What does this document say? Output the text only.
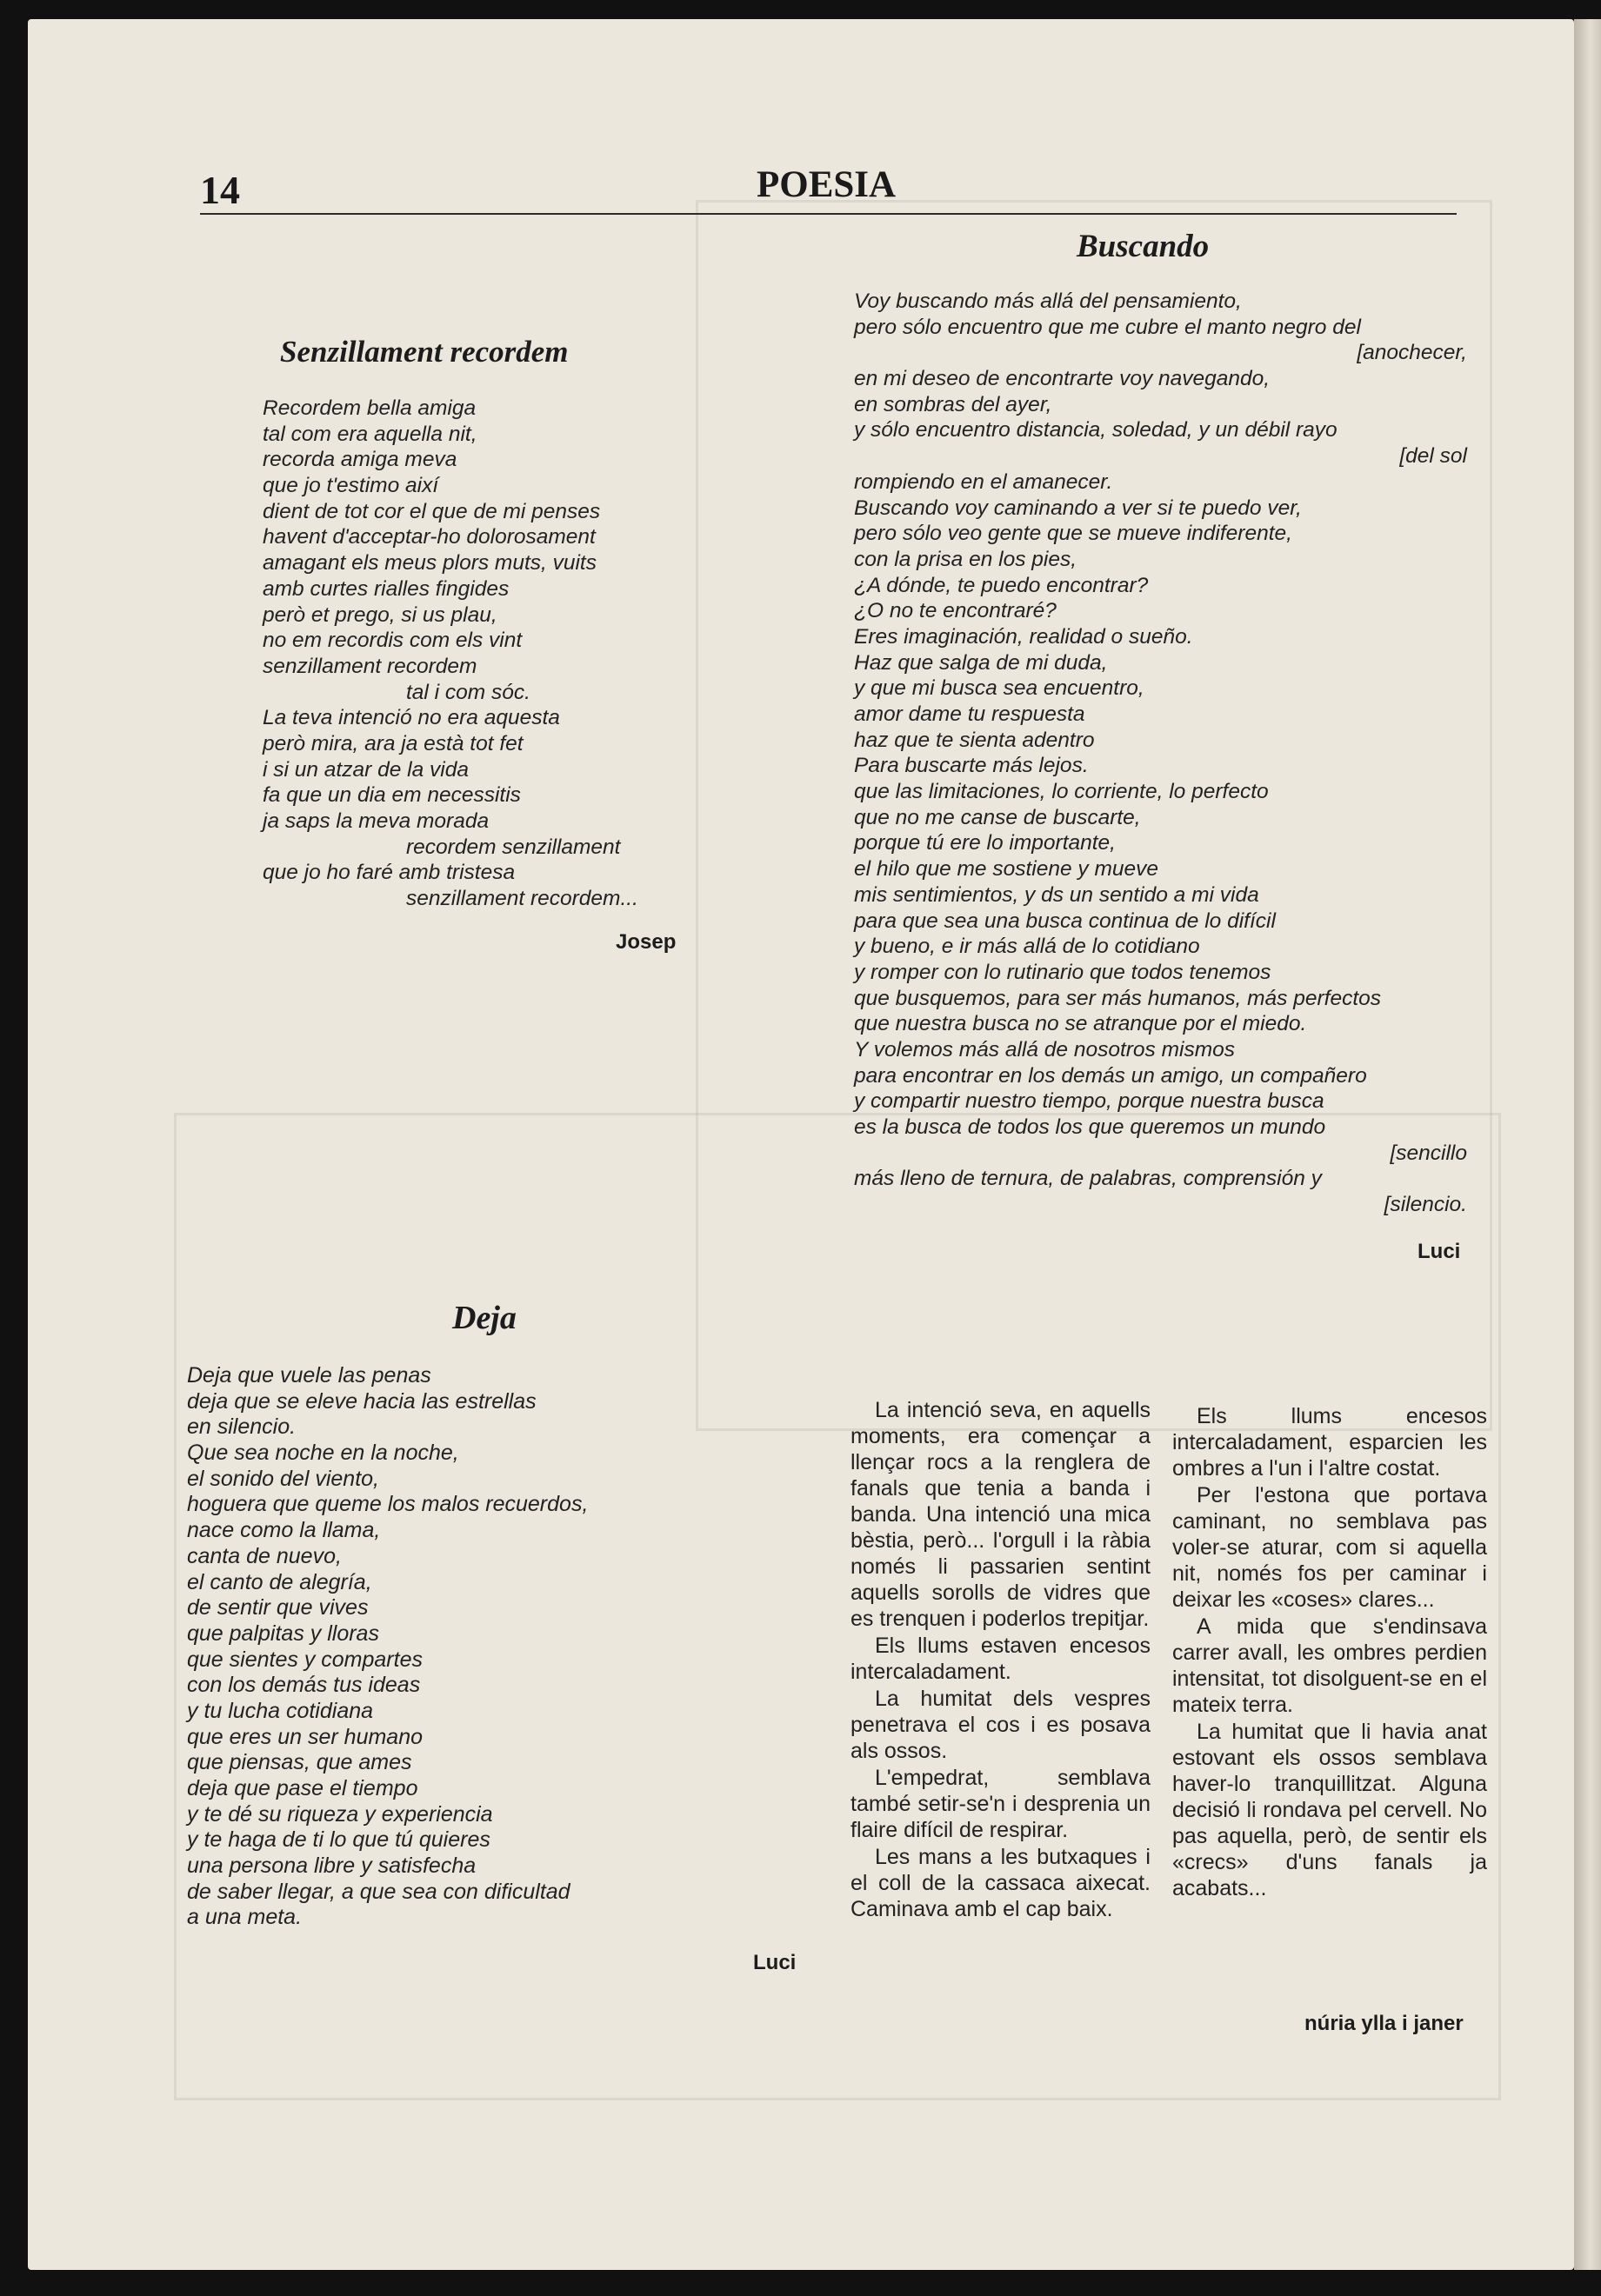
14	POESIA
Senzillament recordem
Recordem bella amiga
tal com era aquella nit,
recorda amiga meva
que jo t'estimo així
dient de tot cor el que de mi penses
havent d'acceptar-ho dolorosament
amagant els meus plors muts, vuits
amb curtes rialles fingides
però et prego, si us plau,
no em recordis com els vint
senzillament recordem
tal i com sóc.
La teva intenció no era aquesta
però mira, ara ja està tot fet
i si un atzar de la vida
fa que un dia em necessitis
ja saps la meva morada
recordem senzillament
que jo ho faré amb tristesa
senzillament recordem...
Josep
Buscando
Voy buscando más allá del pensamiento,
pero sólo encuentro que me cubre el manto negro del
[anochecer,
en mi deseo de encontrarte voy navegando,
en sombras del ayer,
y sólo encuentro distancia, soledad, y un débil rayo
[del sol
rompiendo en el amanecer.
Buscando voy caminando a ver si te puedo ver,
pero sólo veo gente que se mueve indiferente,
con la prisa en los pies,
¿A dónde, te puedo encontrar?
¿O no te encontraré?
Eres imaginación, realidad o sueño.
Haz que salga de mi duda,
y que mi busca sea encuentro,
amor dame tu respuesta
haz que te sienta adentro
Para buscarte más lejos.
que las limitaciones, lo corriente, lo perfecto
que no me canse de buscarte,
porque tú ere lo importante,
el hilo que me sostiene y mueve
mis sentimientos, y ds un sentido a mi vida
para que sea una busca continua de lo difícil
y bueno, e ir más allá de lo cotidiano
y romper con lo rutinario que todos tenemos
que busquemos, para ser más humanos, más perfectos
que nuestra busca no se atranque por el miedo.
Y volemos más allá de nosotros mismos
para encontrar en los demás un amigo, un compañero
y compartir nuestro tiempo, porque nuestra busca
es la busca de todos los que queremos un mundo
[sencillo
más lleno de ternura, de palabras, comprensión y
[silencio.
Luci
Deja
Deja que vuele las penas
deja que se eleve hacia las estrellas
en silencio.
Que sea noche en la noche,
el sonido del viento,
hoguera que queme los malos recuerdos,
nace como la llama,
canta de nuevo,
el canto de alegría,
de sentir que vives
que palpitas y lloras
que sientes y compartes
con los demás tus ideas
y tu lucha cotidiana
que eres un ser humano
que piensas, que ames
deja que pase el tiempo
y te dé su riqueza y experiencia
y te haga de ti lo que tú quieres
una persona libre y satisfecha
de saber llegar, a que sea con dificultad
a una meta.
Luci

La intenció seva, en aquells moments, era començar a llençar rocs a la renglera de fanals que tenia a banda i banda. Una intenció una mica bèstia, però... l'orgull i la ràbia només li passarien sentint aquells sorolls de vidres que es trenquen i poderlos trepitjar.

Els llums estaven encesos intercaladament.

La humitat dels vespres penetrava el cos i es posava als ossos.

L'empedrat, semblava també setir-se'n i desprenia un flaire difícil de respirar.

Les mans a les butxaques i el coll de la cassaca aixecat. Caminava amb el cap baix.

Els llums encesos intercaladament, esparcien les ombres a l'un i l'altre costat.

Per l'estona que portava caminant, no semblava pas voler-se aturar, com si aquella nit, només fos per caminar i deixar les «coses» clares...

A mida que s'endinsava carrer avall, les ombres perdien intensitat, tot disolguent-se en el mateix terra.

La humitat que li havia anat estovant els ossos semblava haver-lo tranquillitzat. Alguna decisió li rondava pel cervell. No pas aquella, però, de sentir els «crecs» d'uns fanals ja acabats...

núria ylla i janer
